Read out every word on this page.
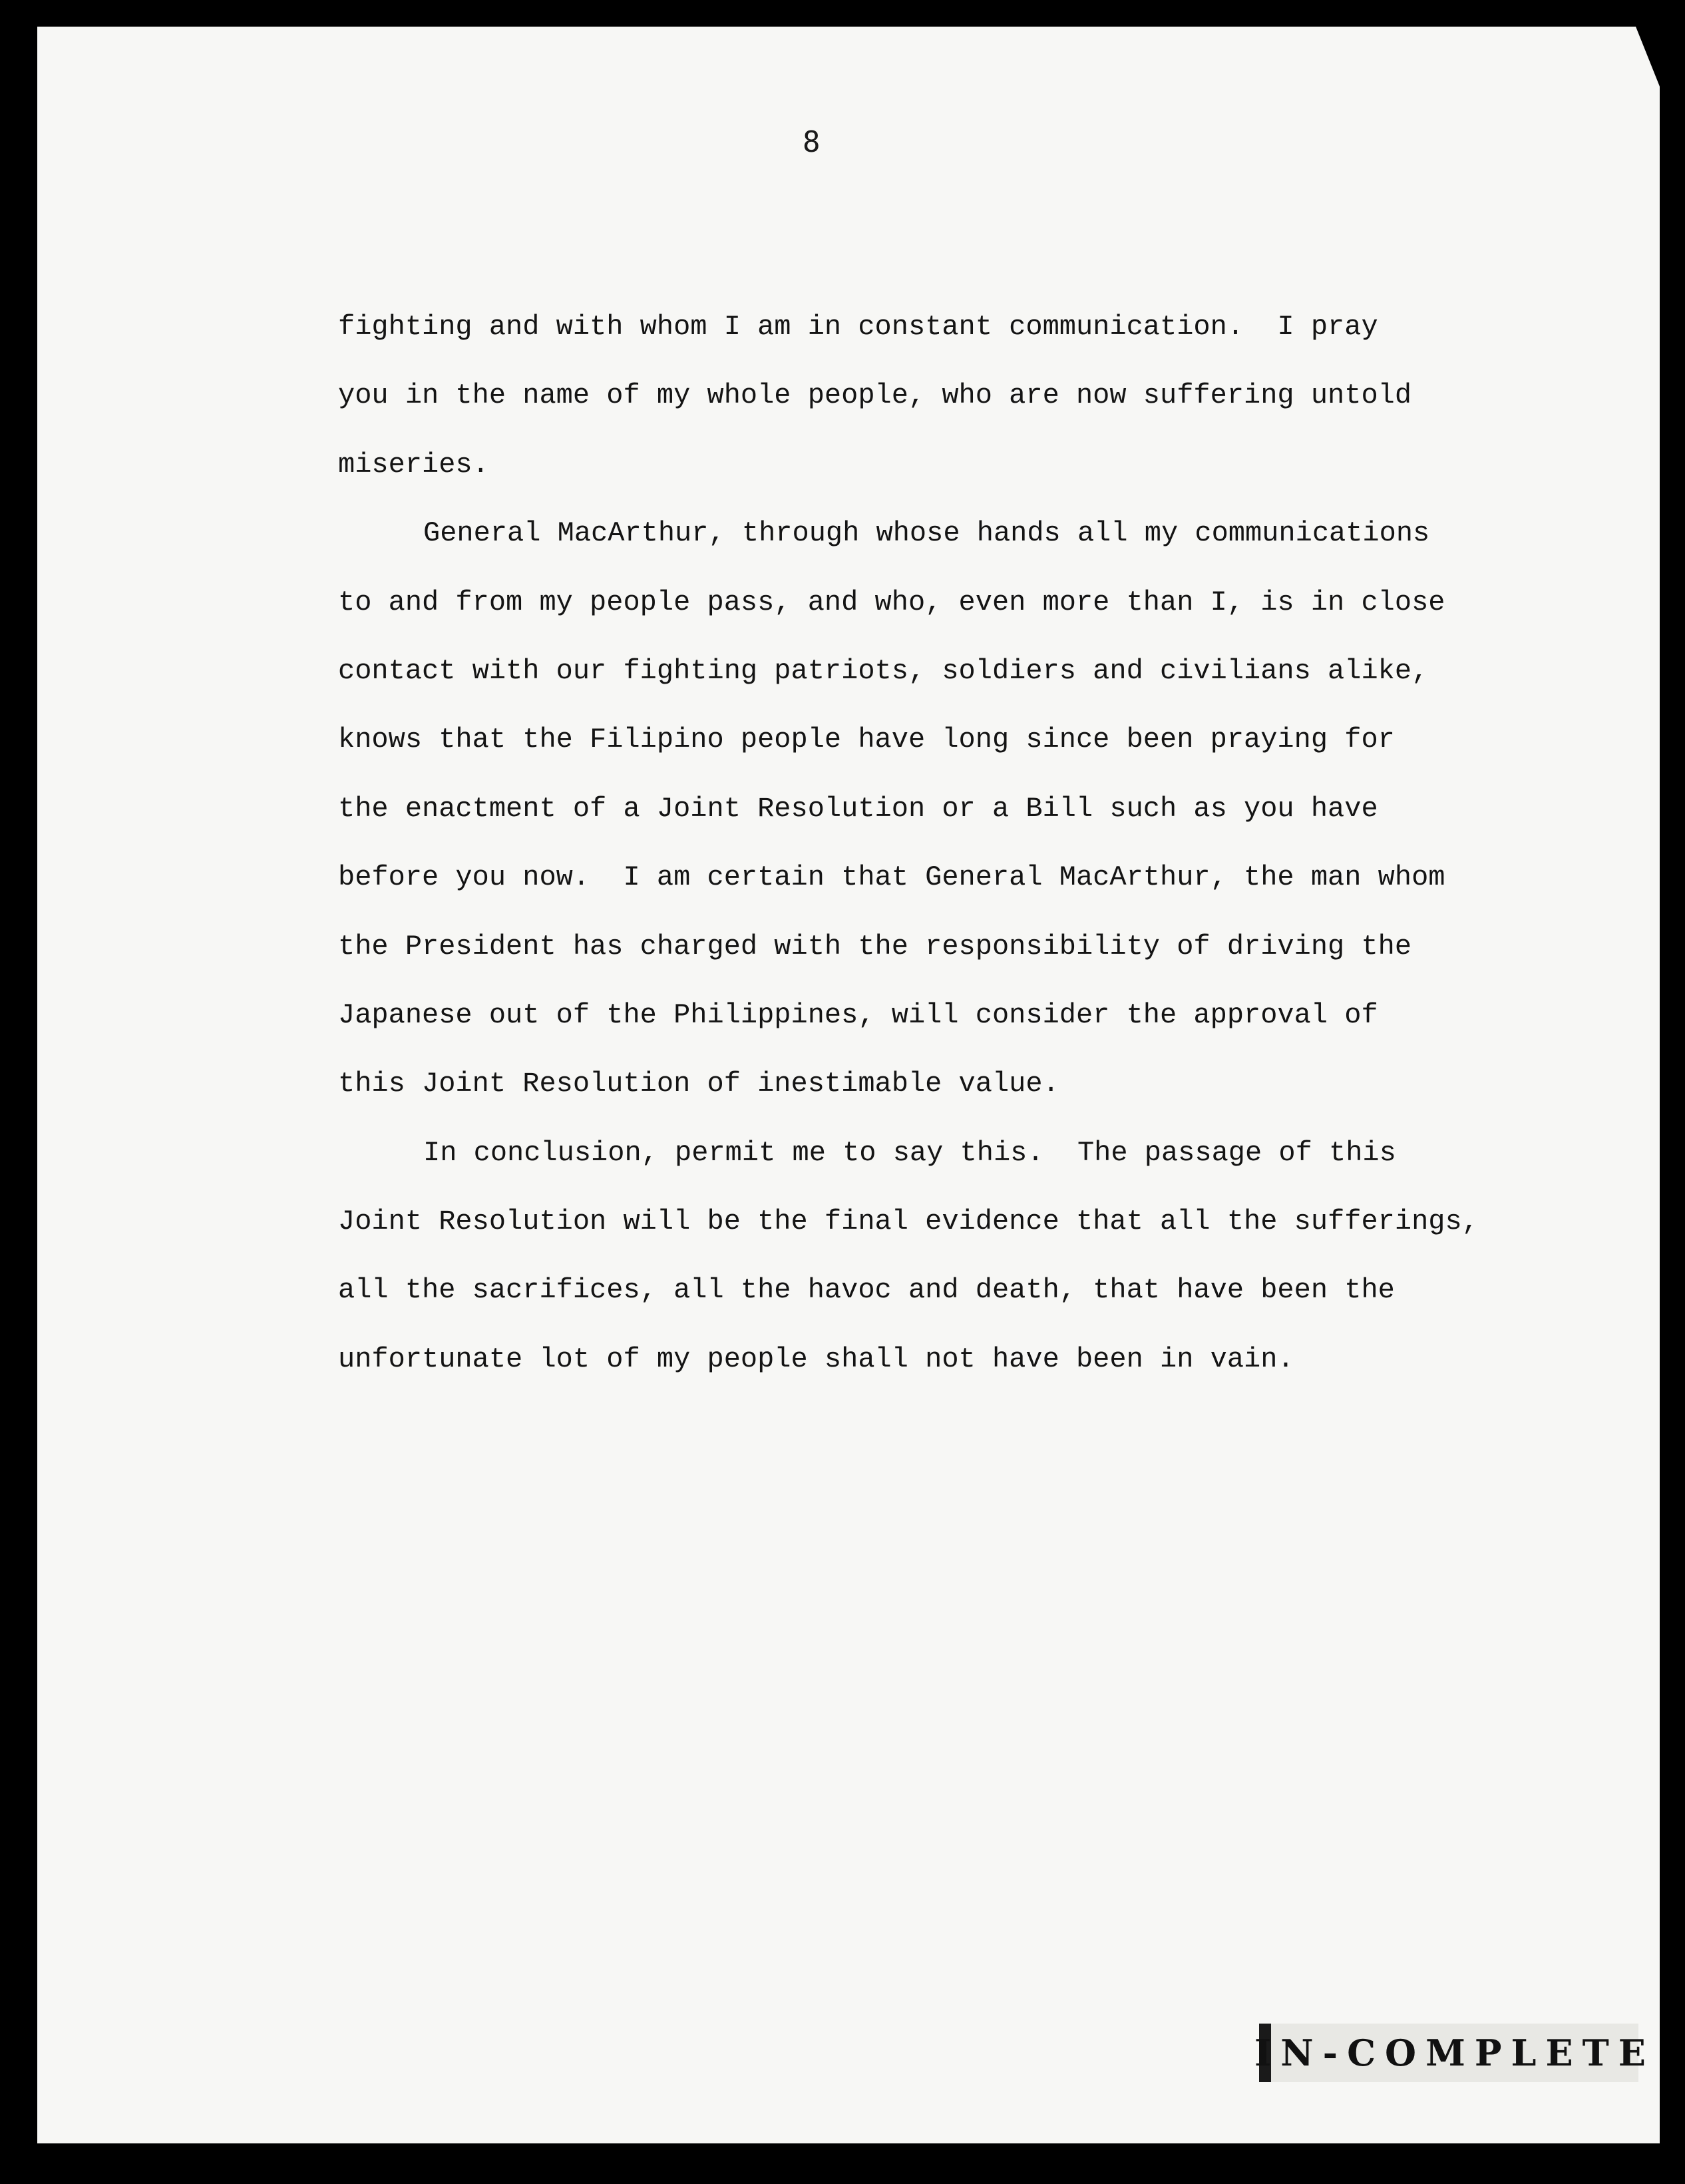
8
fighting and with whom I am in constant communication.  I pray
you in the name of my whole people, who are now suffering untold
miseries.
General MacArthur, through whose hands all my communications
to and from my people pass, and who, even more than I, is in close
contact with our fighting patriots, soldiers and civilians alike,
knows that the Filipino people have long since been praying for
the enactment of a Joint Resolution or a Bill such as you have
before you now.  I am certain that General MacArthur, the man whom
the President has charged with the responsibility of driving the
Japanese out of the Philippines, will consider the approval of
this Joint Resolution of inestimable value.
In conclusion, permit me to say this.  The passage of this
Joint Resolution will be the final evidence that all the sufferings,
all the sacrifices, all the havoc and death, that have been the
unfortunate lot of my people shall not have been in vain.
IN-COMPLETE
